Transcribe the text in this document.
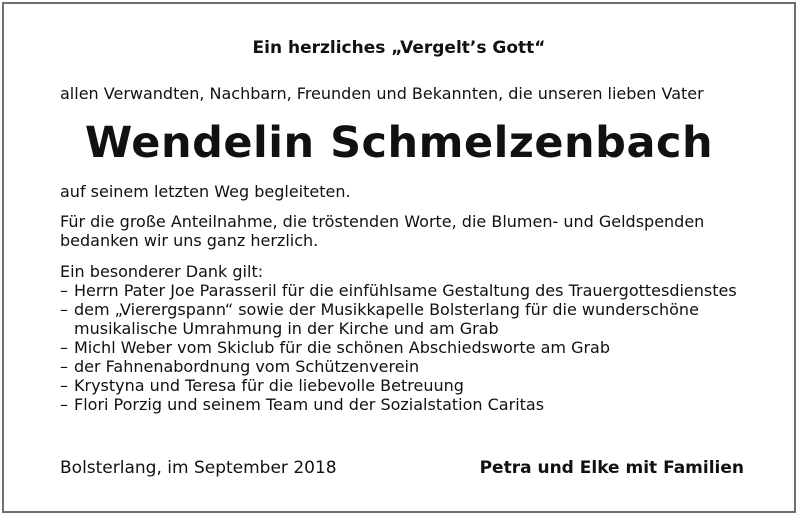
Ein herzliches „Vergelt’s Gott“
allen Verwandten, Nachbarn, Freunden und Bekannten, die unseren lieben Vater
Wendelin Schmelzenbach
auf seinem letzten Weg begleiteten.
Für die große Anteilnahme, die tröstenden Worte, die Blumen- und Geldspenden bedanken wir uns ganz herzlich.
Ein besonderer Dank gilt:
– Herrn Pater Joe Parasseril für die einfühlsame Gestaltung des Trauergottesdienstes
– dem „Vierergspann“ sowie der Musikkapelle Bolsterlang für die wunderschöne musikalische Umrahmung in der Kirche und am Grab
– Michl Weber vom Skiclub für die schönen Abschiedsworte am Grab
– der Fahnenabordnung vom Schützenverein
– Krystyna und Teresa für die liebevolle Betreuung
– Flori Porzig und seinem Team und der Sozialstation Caritas
Bolsterlang, im September 2018	Petra und Elke mit Familien
